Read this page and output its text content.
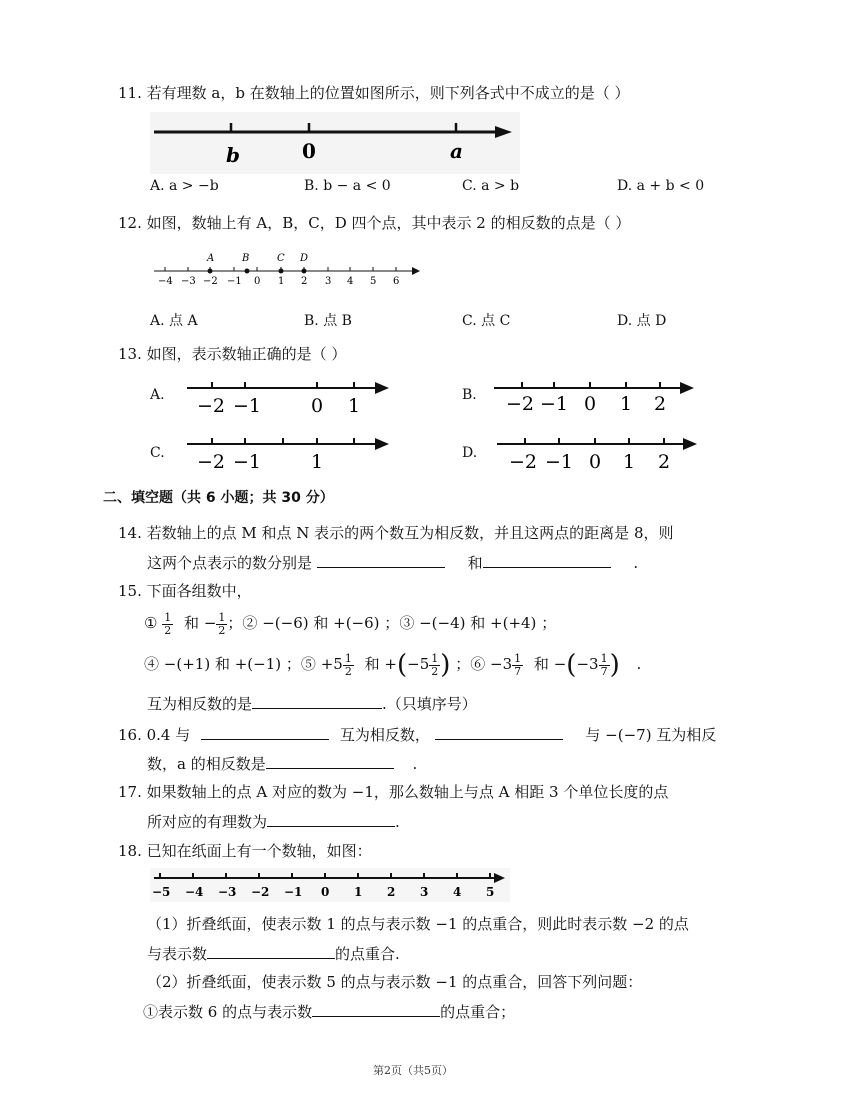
11. 若有理数 a，b 在数轴上的位置如图所示，则下列各式中不成立的是（ ）
b	0	a
A. a > −b	B. b − a < 0	C. a > b	D. a + b < 0
12. 如图，数轴上有 A，B，C，D 四个点，其中表示 2 的相反数的点是（ ）
A	B	C D
−4 −3 −2 −1 0 1 2 3 4 5 6
A. 点 A	B. 点 B	C. 点 C	D. 点 D
13. 如图，表示数轴正确的是（ ）
A. −2 −1	0 1	B. −2 −1 0 1 2
C. −2 −1	1	D. −2 −1 0 1 2
二、填空题（共 6 小题；共 30 分）
14. 若数轴上的点 M 和点 N 表示的两个数互为相反数，并且这两点的距离是 8，则
这两个点表示的数分别是	和	.
15. 下面各组数中，
① $\frac{1}{2}$ 和 − $\frac{1}{2}$ ；② −(−6) 和 +(−6) ；③ −(−4) 和 +(+4) ；
④ −(+1) 和 +(−1) ；⑤ $+5 \frac{1}{2}$ 和 $+(-5 \frac{1}{2}$ ) ；⑥ $-3 \frac{1}{7}$ 和 $-(-3 \frac{1}{7}$ ) .
互为相反数的是	.（只填序号）
16. 0.4 与	互为相反数，	与 −(−7) 互为相反
数，a 的相反数是	.
17. 如果数轴上的点 A 对应的数为 −1，那么数轴上与点 A 相距 3 个单位长度的点
所对应的有理数为	.
18. 已知在纸面上有一个数轴，如图：
−5 −4 −3 −2 −1 0 1 2 3 4 5
（1）折叠纸面，使表示数 1 的点与表示数 −1 的点重合，则此时表示数 −2 的点
与表示数	的点重合.
（2）折叠纸面，使表示数 5 的点与表示数 −1 的点重合，回答下列问题：
①表示数 6 的点与表示数	的点重合；
第2页（共5页）
